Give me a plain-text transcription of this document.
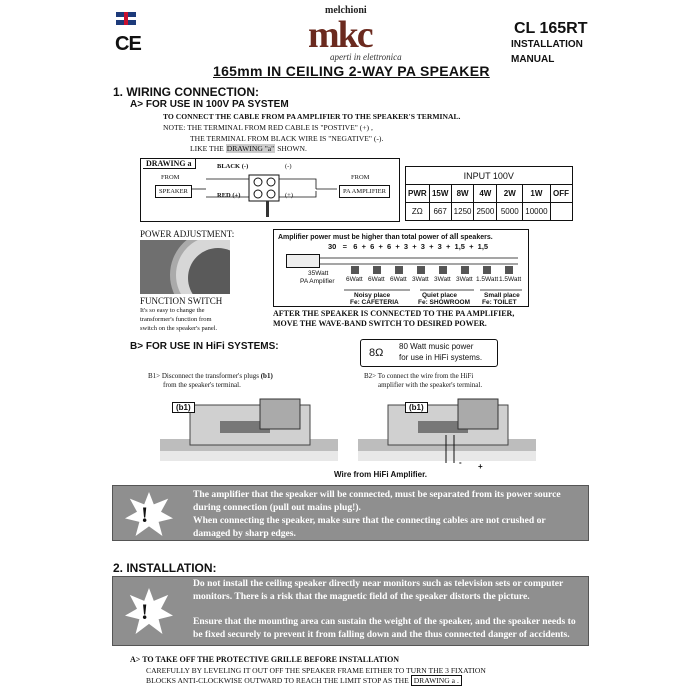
CE
melchioni
mkc
aperti in elettronica
CL 165RT
INSTALLATION
MANUAL
165mm IN CEILING 2-WAY PA SPEAKER
1. WIRING CONNECTION:
A> FOR USE IN 100V PA SYSTEM
TO CONNECT THE CABLE FROM PA AMPLIFIER TO THE SPEAKER'S TERMINAL.
NOTE: THE TERMINAL FROM RED CABLE IS "POSTIVE" (+) ,
THE TERMINAL FROM BLACK WIRE IS "NEGATIVE" (-).
LIKE THE DRAWING "a" SHOWN.
DRAWING a
FROM
SPEAKER
BLACK (-)
RED (+)
(-)
(+)
FROM
PA AMPLIFIER
INPUT 100V						
PWR	15W	8W	4W	2W	1W	OFF
ZΩ	667	1250	2500	5000	10000	
POWER ADJUSTMENT:
FUNCTION SWITCH
It's so easy to change the
transformer's function from
switch on the speaker's panel.
Amplifier power must be higher than total power of all speakers.
30   =   6  +  6  +  6  +  3  +  3  +  3  +  1,5  +  1,5
35Watt
PA Amplifier 6Watt 6Watt 6Watt 3Watt 3Watt 3Watt 1.5Watt 1.5Watt
Noisy place
Fe: CAFETERIA
Quiet place
Fe: SHOWROOM
Small place
Fe: TOILET
AFTER THE SPEAKER IS CONNECTED TO THE PA AMPLIFIER,
MOVE THE WAVE-BAND SWITCH TO DESIRED POWER.
B> FOR USE IN HiFi SYSTEMS:
8Ω
80 Watt music power
for use in HiFi systems.
B1> Disconnect the transformer's plugs (b1)
from the speaker's terminal.
B2> To connect the wire from the HiFi
amplifier with the speaker's terminal.
(b1)	(b1)
Wire from HiFi Amplifier.
- +
!
The amplifier that the speaker will be connected, must be separated from its power source during connection (pull out mains plug!).
When connecting the speaker, make sure that the connecting cables are not crushed or damaged by sharp edges.
2. INSTALLATION:
!
Do not install the ceiling speaker directly near monitors such as television sets or computer monitors. There is a risk that the magnetic field of the speaker distorts the picture.
Ensure that the mounting area can sustain the weight of the speaker, and the speaker needs to be fixed securely to prevent it from falling down and the thus connected danger of accidents.
A> TO TAKE OFF THE PROTECTIVE GRILLE BEFORE INSTALLATION
CAREFULLY BY LEVELING IT OUT OFF THE SPEAKER FRAME EITHER TO TURN THE 3 FIXATION
BLOCKS ANTI-CLOCKWISE OUTWARD TO REACH THE LIMIT STOP AS THE DRAWING a .
